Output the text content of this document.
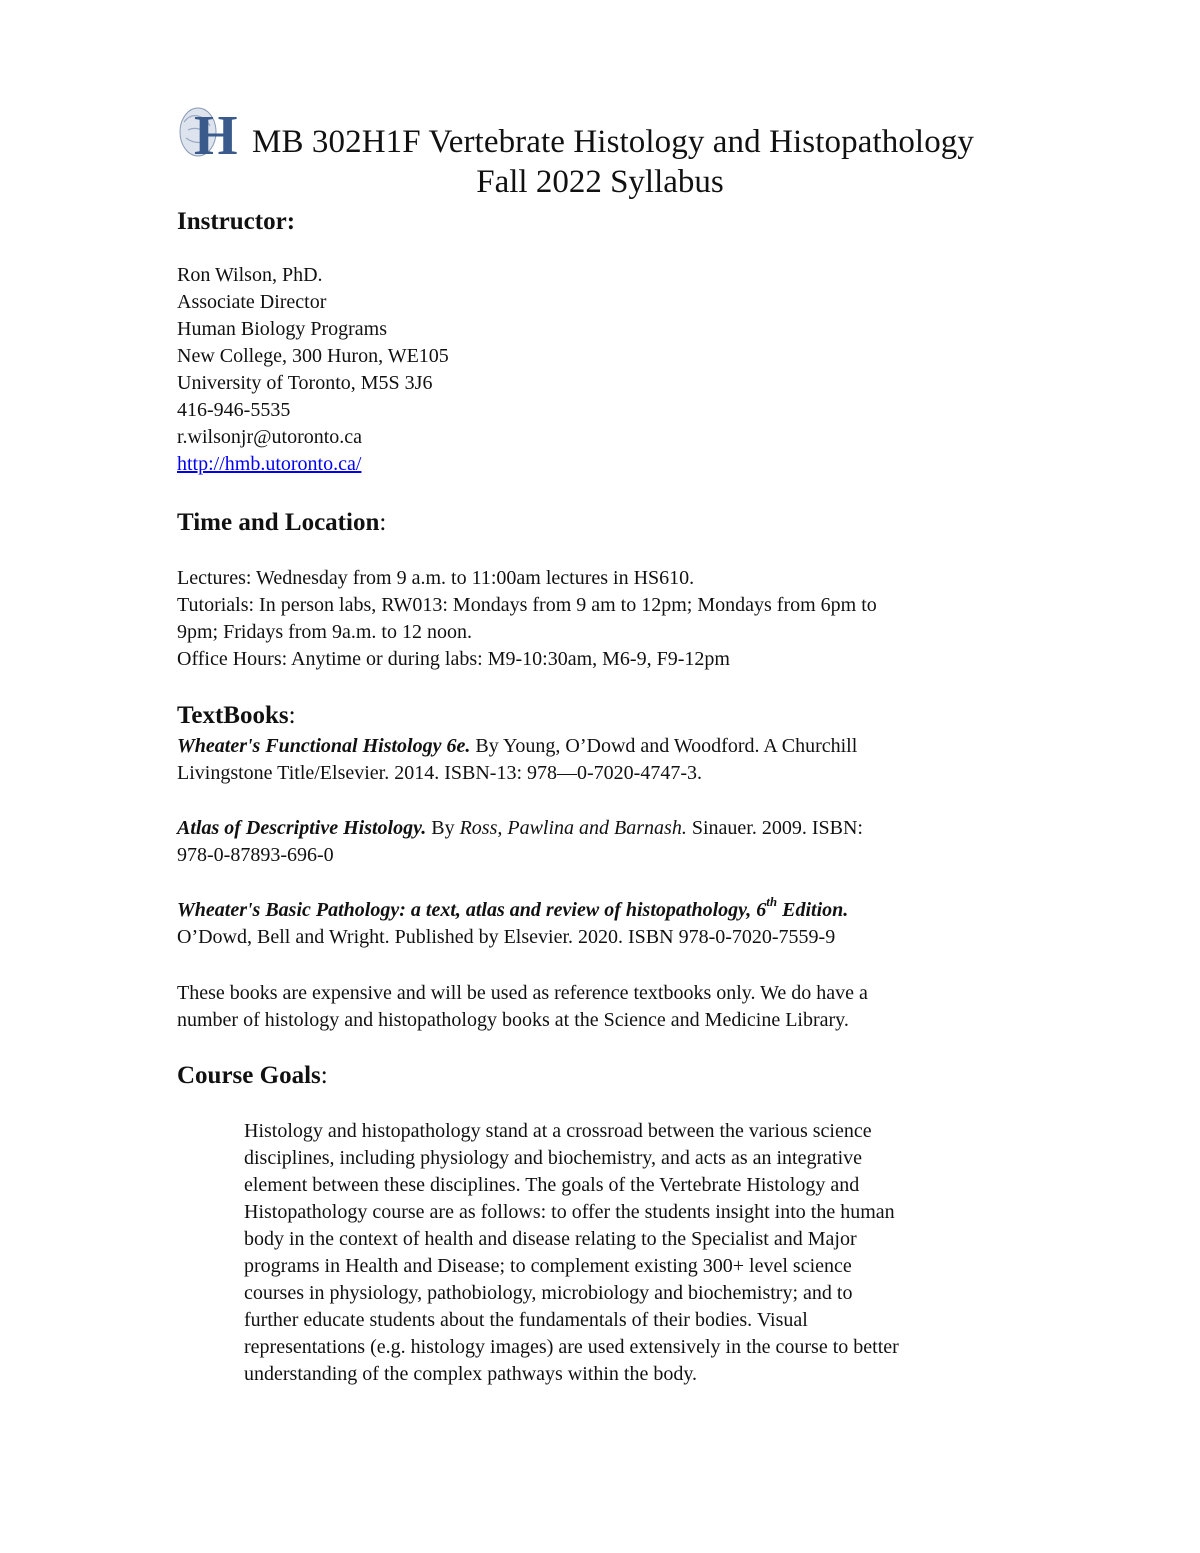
H MB 302H1F Vertebrate Histology and Histopathology
Fall 2022 Syllabus
Instructor:
Ron Wilson, PhD.
Associate Director
Human Biology Programs
New College, 300 Huron, WE105
University of Toronto, M5S 3J6
416-946-5535
r.wilsonjr@utoronto.ca
http://hmb.utoronto.ca/
Time and Location:
Lectures: Wednesday from 9 a.m. to 11:00am lectures in HS610.
Tutorials: In person labs, RW013: Mondays from 9 am to 12pm; Mondays from 6pm to
9pm; Fridays from 9a.m. to 12 noon.
Office Hours: Anytime or during labs: M9-10:30am, M6-9, F9-12pm
TextBooks:
Wheater's Functional Histology 6e. By Young, O’Dowd and Woodford. A Churchill
Livingstone Title/Elsevier. 2014. ISBN-13: 978—0-7020-4747-3.
Atlas of Descriptive Histology. By Ross, Pawlina and Barnash. Sinauer. 2009. ISBN:
978-0-87893-696-0
Wheater's Basic Pathology: a text, atlas and review of histopathology, 6th Edition.
O’Dowd, Bell and Wright. Published by Elsevier. 2020. ISBN 978-0-7020-7559-9
These books are expensive and will be used as reference textbooks only. We do have a
number of histology and histopathology books at the Science and Medicine Library.
Course Goals:
Histology and histopathology stand at a crossroad between the various science
disciplines, including physiology and biochemistry, and acts as an integrative
element between these disciplines. The goals of the Vertebrate Histology and
Histopathology course are as follows: to offer the students insight into the human
body in the context of health and disease relating to the Specialist and Major
programs in Health and Disease; to complement existing 300+ level science
courses in physiology, pathobiology, microbiology and biochemistry; and to
further educate students about the fundamentals of their bodies. Visual
representations (e.g. histology images) are used extensively in the course to better
understanding of the complex pathways within the body.
